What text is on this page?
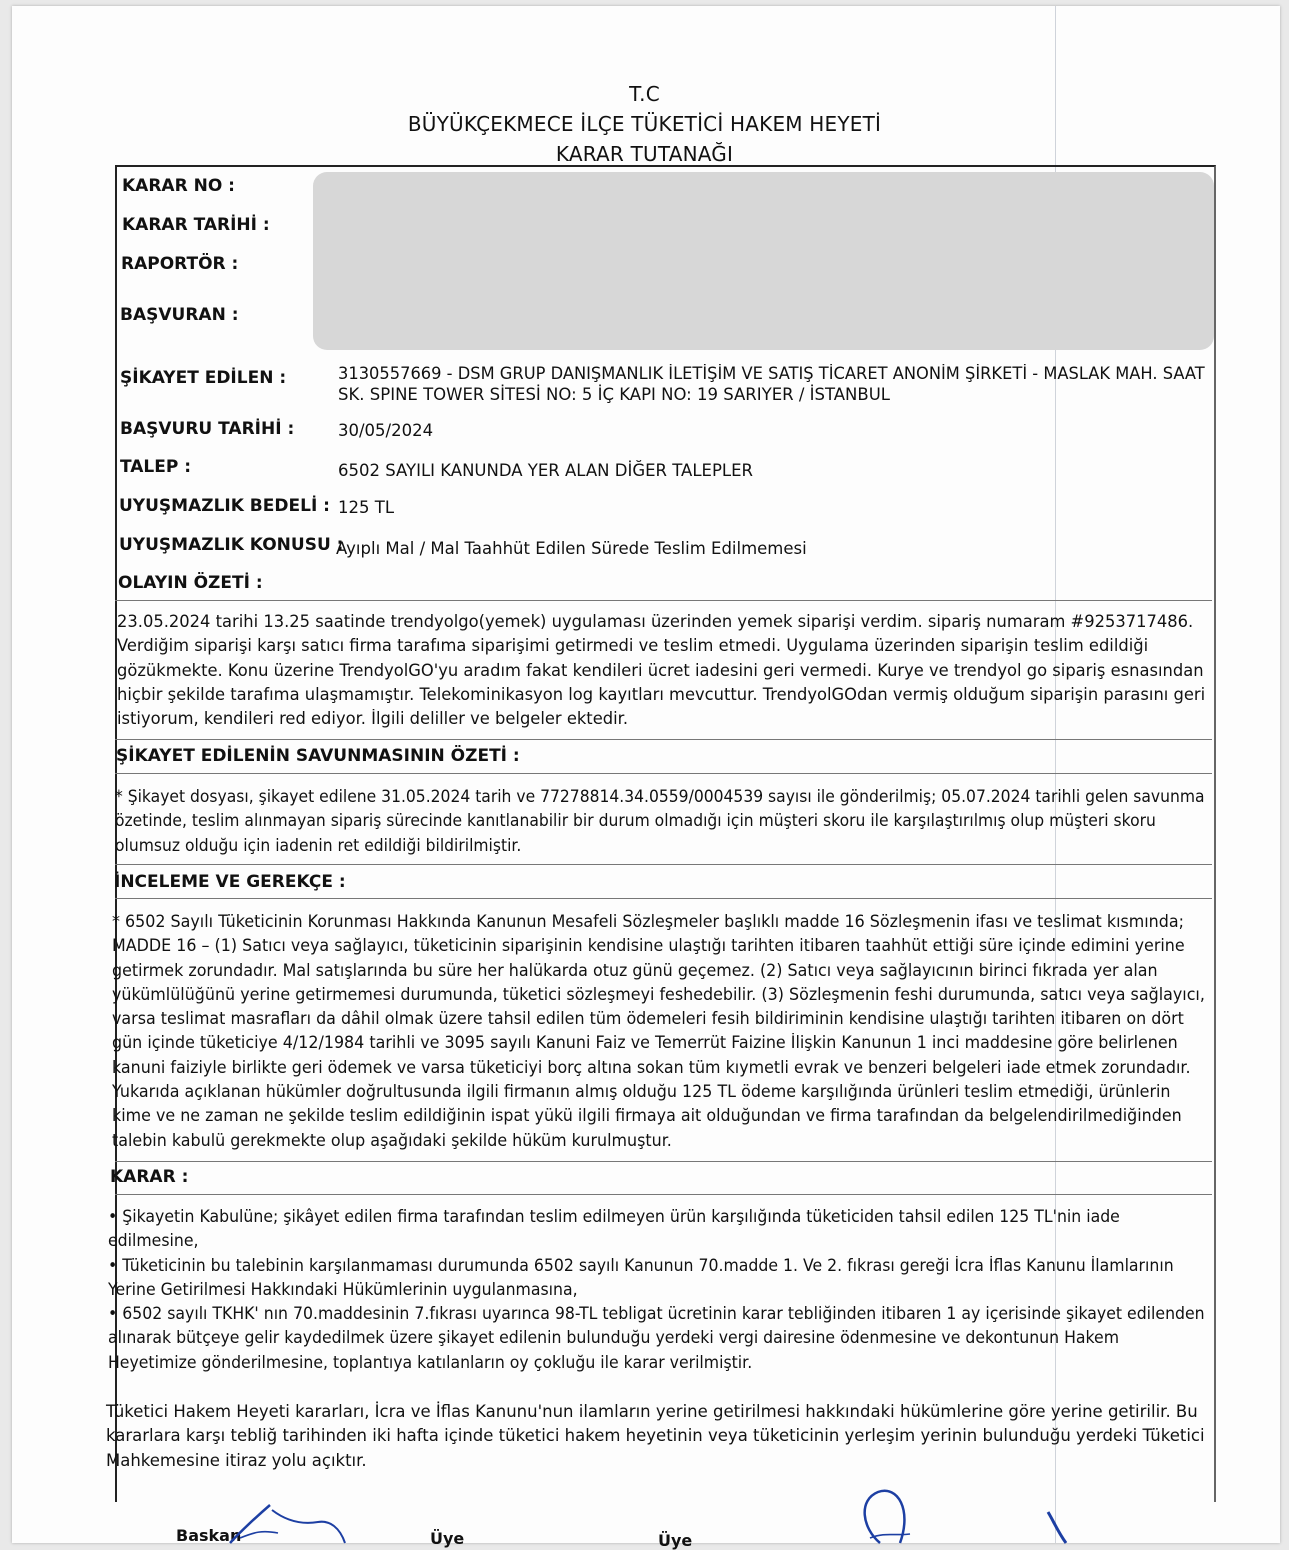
T.C
BÜYÜKÇEKMECE İLÇE TÜKETİCİ HAKEM HEYETİ
KARAR TUTANAĞI
KARAR NO :
KARAR TARİHİ :
RAPORTÖR :
BAŞVURAN :
ŞİKAYET EDİLEN :	3130557669 - DSM GRUP DANIŞMANLIK İLETİŞİM VE SATIŞ TİCARET ANONİM ŞİRKETİ - MASLAK MAH. SAAT
SK. SPINE TOWER SİTESİ NO: 5 İÇ KAPI NO: 19 SARIYER / İSTANBUL
BAŞVURU TARİHİ :	30/05/2024
TALEP :	6502 SAYILI KANUNDA YER ALAN DİĞER TALEPLER
UYUŞMAZLIK BEDELİ : 125 TL
UYUŞMAZLIK KONUSU :
Ayıplı Mal / Mal Taahhüt Edilen Sürede Teslim Edilmemesi
OLAYIN ÖZETİ :
23.05.2024 tarihi 13.25 saatinde trendyolgo(yemek) uygulaması üzerinden yemek siparişi verdim. sipariş numaram #9253717486.
Verdiğim siparişi karşı satıcı firma tarafıma siparişimi getirmedi ve teslim etmedi. Uygulama üzerinden siparişin teslim edildiği
gözükmekte. Konu üzerine TrendyolGO'yu aradım fakat kendileri ücret iadesini geri vermedi. Kurye ve trendyol go sipariş esnasından
hiçbir şekilde tarafıma ulaşmamıştır. Telekominikasyon log kayıtları mevcuttur. TrendyolGOdan vermiş olduğum siparişin parasını geri
istiyorum, kendileri red ediyor. İlgili deliller ve belgeler ektedir.
ŞİKAYET EDİLENİN SAVUNMASININ ÖZETİ :
* Şikayet dosyası, şikayet edilene 31.05.2024 tarih ve 77278814.34.0559/0004539 sayısı ile gönderilmiş; 05.07.2024 tarihli gelen savunma
özetinde, teslim alınmayan sipariş sürecinde kanıtlanabilir bir durum olmadığı için müşteri skoru ile karşılaştırılmış olup müşteri skoru
olumsuz olduğu için iadenin ret edildiği bildirilmiştir.
İNCELEME VE GEREKÇE :
* 6502 Sayılı Tüketicinin Korunması Hakkında Kanunun Mesafeli Sözleşmeler başlıklı madde 16 Sözleşmenin ifası ve teslimat kısmında;
MADDE 16 – (1) Satıcı veya sağlayıcı, tüketicinin siparişinin kendisine ulaştığı tarihten itibaren taahhüt ettiği süre içinde edimini yerine
getirmek zorundadır. Mal satışlarında bu süre her halükarda otuz günü geçemez. (2) Satıcı veya sağlayıcının birinci fıkrada yer alan
yükümlülüğünü yerine getirmemesi durumunda, tüketici sözleşmeyi feshedebilir. (3) Sözleşmenin feshi durumunda, satıcı veya sağlayıcı,
varsa teslimat masrafları da dâhil olmak üzere tahsil edilen tüm ödemeleri fesih bildiriminin kendisine ulaştığı tarihten itibaren on dört
gün içinde tüketiciye 4/12/1984 tarihli ve 3095 sayılı Kanuni Faiz ve Temerrüt Faizine İlişkin Kanunun 1 inci maddesine göre belirlenen
kanuni faiziyle birlikte geri ödemek ve varsa tüketiciyi borç altına sokan tüm kıymetli evrak ve benzeri belgeleri iade etmek zorundadır.
Yukarıda açıklanan hükümler doğrultusunda ilgili firmanın almış olduğu 125 TL ödeme karşılığında ürünleri teslim etmediği, ürünlerin
kime ve ne zaman ne şekilde teslim edildiğinin ispat yükü ilgili firmaya ait olduğundan ve firma tarafından da belgelendirilmediğinden
talebin kabulü gerekmekte olup aşağıdaki şekilde hüküm kurulmuştur.
KARAR :
• Şikayetin Kabulüne; şikâyet edilen firma tarafından teslim edilmeyen ürün karşılığında tüketiciden tahsil edilen 125 TL'nin iade
edilmesine,
• Tüketicinin bu talebinin karşılanmaması durumunda 6502 sayılı Kanunun 70.madde 1. Ve 2. fıkrası gereği İcra İflas Kanunu İlamlarının
Yerine Getirilmesi Hakkındaki Hükümlerinin uygulanmasına,
• 6502 sayılı TKHK' nın 70.maddesinin 7.fıkrası uyarınca 98-TL tebligat ücretinin karar tebliğinden itibaren 1 ay içerisinde şikayet edilenden
alınarak bütçeye gelir kaydedilmek üzere şikayet edilenin bulunduğu yerdeki vergi dairesine ödenmesine ve dekontunun Hakem
Heyetimize gönderilmesine, toplantıya katılanların oy çokluğu ile karar verilmiştir.
Tüketici Hakem Heyeti kararları, İcra ve İflas Kanunu'nun ilamların yerine getirilmesi hakkındaki hükümlerine göre yerine getirilir. Bu
kararlara karşı tebliğ tarihinden iki hafta içinde tüketici hakem heyetinin veya tüketicinin yerleşim yerinin bulunduğu yerdeki Tüketici
Mahkemesine itiraz yolu açıktır.
Baskan	Üye	Üye
